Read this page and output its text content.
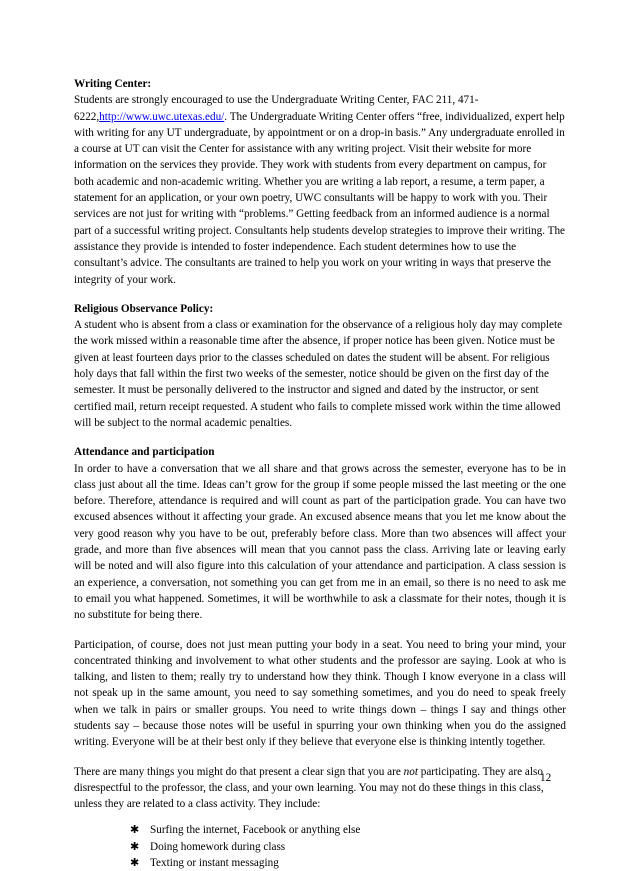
Writing Center:

Students are strongly encouraged to use the Undergraduate Writing Center, FAC 211, 471-6222,http://www.uwc.utexas.edu/. The Undergraduate Writing Center offers “free, individualized, expert help with writing for any UT undergraduate, by appointment or on a drop-in basis.” Any undergraduate enrolled in a course at UT can visit the Center for assistance with any writing project. Visit their website for more information on the services they provide. They work with students from every department on campus, for both academic and non-academic writing. Whether you are writing a lab report, a resume, a term paper, a statement for an application, or your own poetry, UWC consultants will be happy to work with you. Their services are not just for writing with “problems.” Getting feedback from an informed audience is a normal part of a successful writing project. Consultants help students develop strategies to improve their writing. The assistance they provide is intended to foster independence. Each student determines how to use the consultant’s advice. The consultants are trained to help you work on your writing in ways that preserve the integrity of your work.

Religious Observance Policy:

A student who is absent from a class or examination for the observance of a religious holy day may complete the work missed within a reasonable time after the absence, if proper notice has been given. Notice must be given at least fourteen days prior to the classes scheduled on dates the student will be absent. For religious holy days that fall within the first two weeks of the semester, notice should be given on the first day of the semester. It must be personally delivered to the instructor and signed and dated by the instructor, or sent certified mail, return receipt requested. A student who fails to complete missed work within the time allowed will be subject to the normal academic penalties.

Attendance and participation

In order to have a conversation that we all share and that grows across the semester, everyone has to be in class just about all the time. Ideas can’t grow for the group if some people missed the last meeting or the one before. Therefore, attendance is required and will count as part of the participation grade. You can have two excused absences without it affecting your grade. An excused absence means that you let me know about the very good reason why you have to be out, preferably before class. More than two absences will affect your grade, and more than five absences will mean that you cannot pass the class. Arriving late or leaving early will be noted and will also figure into this calculation of your attendance and participation. A class session is an experience, a conversation, not something you can get from me in an email, so there is no need to ask me to email you what happened. Sometimes, it will be worthwhile to ask a classmate for their notes, though it is no substitute for being there.

Participation, of course, does not just mean putting your body in a seat. You need to bring your mind, your concentrated thinking and involvement to what other students and the professor are saying. Look at who is talking, and listen to them; really try to understand how they think. Though I know everyone in a class will not speak up in the same amount, you need to say something sometimes, and you do need to speak freely when we talk in pairs or smaller groups. You need to write things down – things I say and things other students say – because those notes will be useful in spurring your own thinking when you do the assigned writing. Everyone will be at their best only if they believe that everyone else is thinking intently together.

There are many things you might do that present a clear sign that you are not participating. They are also disrespectful to the professor, the class, and your own learning. You may not do these things in this class, unless they are related to a class activity. They include:

✱ Surfing the internet, Facebook or anything else
✱ Doing homework during class
✱ Texting or instant messaging
12
